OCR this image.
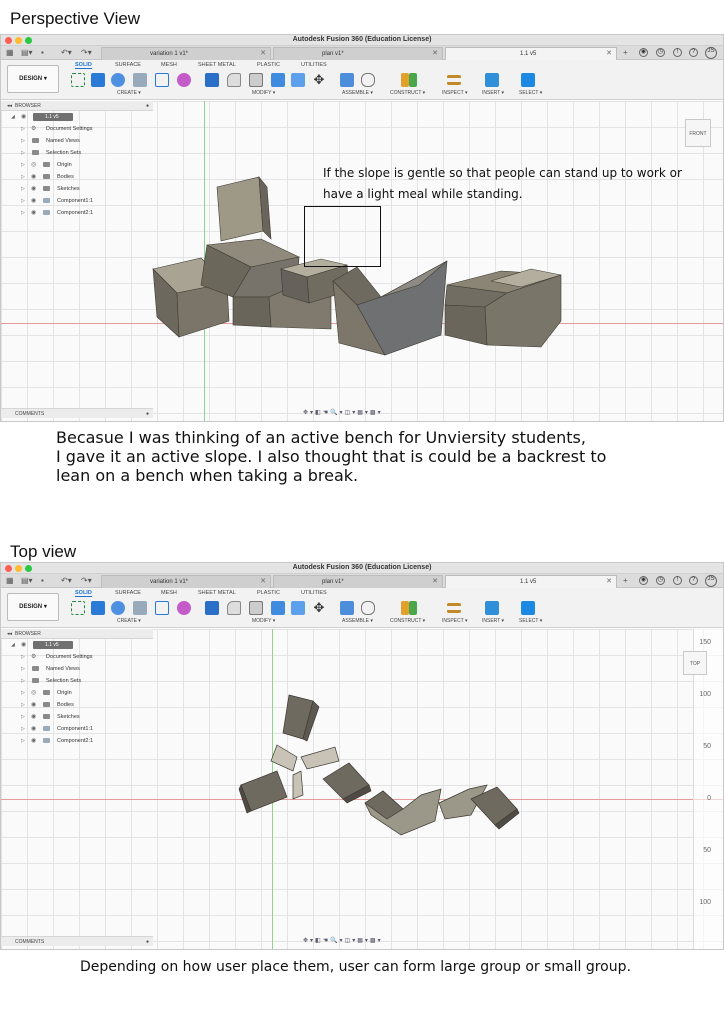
Perspective View
Autodesk Fusion 360 (Education License)
▦ ▤▾ ▪ ↶▾ ↷▾	variation 1 v1*	✕	plan v1*	✕	1.1 v5	✕ +	◉	◷	!	?	JS
DESIGN ▾
SOLID	SURFACE	MESH	SHEET METAL	PLASTIC	UTILITIES
✥
CREATE ▾	MODIFY ▾	ASSEMBLE ▾	CONSTRUCT ▾	INSPECT ▾	INSERT ▾	SELECT ▾
FRONT
If the slope is gentle so that people can stand up to work or
have a light meal while standing.
◂◂ BROWSER	●
◢ ◉	1.1 v5
▷ ⚙ Document Settings
▷	Named Views
▷	Selection Sets
▷ ◎	Origin
▷ ◉	Bodies
▷ ◉	Sketches
▷ ◉	Component1:1
▷ ◉	Component2:1
COMMENTS	●	✥▾◧☚🔍▾◫▾▦▾▩▾
Becasue I was thinking of an active bench for Unviersity students,
I gave it an active slope. I also thought that is could be a backrest to
lean on a bench when taking a break.
Top view
Autodesk Fusion 360 (Education License)
▦ ▤▾ ▪ ↶▾ ↷▾	variation 1 v1*	✕	plan v1*	✕	1.1 v5	✕ +	◉	◷	!	?	JS
DESIGN ▾
SOLID	SURFACE	MESH	SHEET METAL	PLASTIC	UTILITIES
✥
CREATE ▾	MODIFY ▾	ASSEMBLE ▾	CONSTRUCT ▾	INSPECT ▾	INSERT ▾	SELECT ▾
150
100
50
0
50
100
TOP
◂◂ BROWSER
◢ ◉	1.1 v5
▷ ⚙ Document Settings
▷	Named Views
▷	Selection Sets
▷ ◎	Origin
▷ ◉	Bodies
▷ ◉	Sketches
▷ ◉	Component1:1
▷ ◉	Component2:1
COMMENTS	●	✥▾◧☚🔍▾◫▾▦▾▩▾
Depending on how user place them, user can form large group or small group.
